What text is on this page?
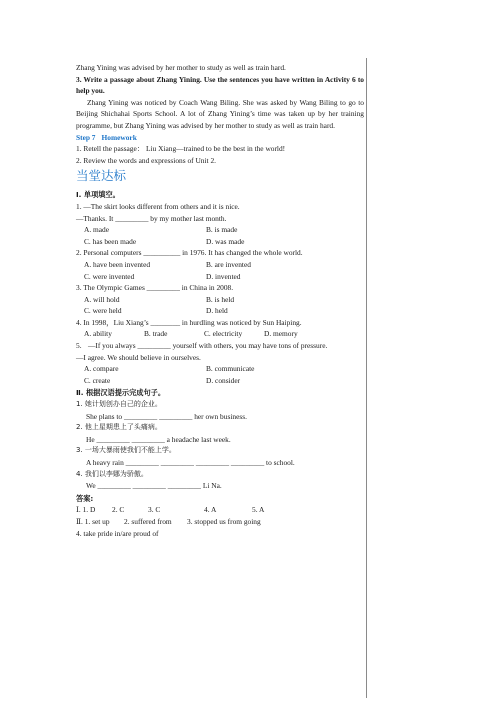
Zhang Yining was advised by her mother to study as well as train hard.

3. Write a passage about Zhang Yining. Use the sentences you have written in Activity 6 to help you.

Zhang Yining was noticed by Coach Wang Biling. She was asked by Wang Biling to go to Beijing Shichahai Sports School. A lot of Zhang Yining’s time was taken up by her training programme, but Zhang Yining was advised by her mother to study as well as train hard.

Step 7 Homework

1. Retell the passage： Liu Xiang—trained to be the best in the world!

2. Review the words and expressions of Unit 2.

当堂达标

Ⅰ. 单项填空。

1. —The skirt looks different from others and it is nice.

—Thanks. It _________ by my mother last month.

A. made	B. is made
C. has been made	D. was made

2. Personal computers __________ in 1976. It has changed the whole world.

A. have been invented	B. are invented
C. were invented	D. invented

3. The Olympic Games _________ in China in 2008.

A. will hold	B. is held
C. were held	D. held

4. In 1998，Liu Xiang’s ________ in hurdling was noticed by Sun Haiping.

A. ability	B. trade	C. electricity	D. memory
5. —If you always _________ yourself with others, you may have tons of pressure.

—I agree. We should believe in ourselves.

A. compare	B. communicate
C. create	D. consider

Ⅱ. 根据汉语提示完成句子。

1. 她计划创办自己的企业。

She plans to _________ _________ her own business.

2. 他上星期患上了头痛病。

He _________ _________ a headache last week.

3. 一场大暴雨使我们不能上学。

A heavy rain _________ _________ _________ _________ to school.

4. 我们以李娜为骄傲。

We _________ _________ _________ Li Na.

答案:

Ⅰ. 1. D	2. C	3. C	4. A	5. A
Ⅱ. 1. set up	2. suffered from	3. stopped us from going

4. take pride in/are proud of
